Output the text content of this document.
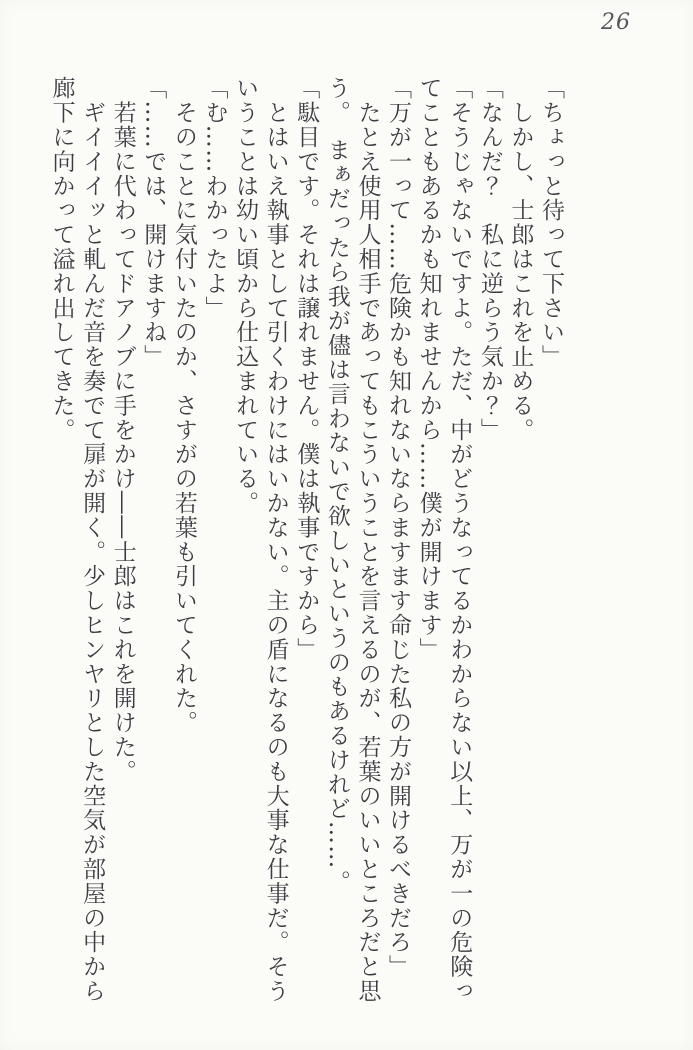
26
「ちょっと待って下さい」
　しかし、士郎はこれを止める。
「なんだ？　私に逆らう気か？」
「そうじゃないですよ。ただ、中がどうなってるかわからない以上、万が一の危険っ
てこともあるかも知れませんから……僕が開けます」
「万が一って……危険かも知れないならますます命じた私の方が開けるべきだろ」
　たとえ使用人相手であってもこういうことを言えるのが、若葉のいいところだと思
う。　まぁだったら我が儘は言わないで欲しいというのもあるけれど……。
「駄目です。それは譲れません。僕は執事ですから」
　とはいえ執事として引くわけにはいかない。主の盾になるのも大事な仕事だ。そう
いうことは幼い頃から仕込まれている。
「む……わかったよ」
　そのことに気付いたのか、さすがの若葉も引いてくれた。
「……では、開けますね」
　若葉に代わってドアノブに手をかけ――士郎はこれを開けた。
　ギイイイッと軋んだ音を奏でて扉が開く。少しヒンヤリとした空気が部屋の中から
廊下に向かって溢れ出してきた。
